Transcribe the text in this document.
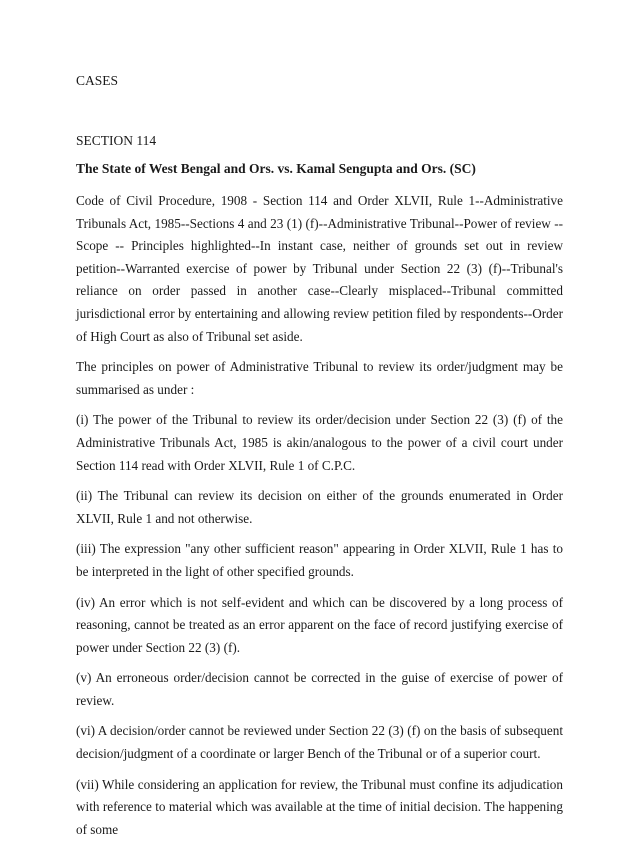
CASES

SECTION 114

The State of West Bengal and Ors. vs. Kamal Sengupta and Ors. (SC)

Code of Civil Procedure, 1908 - Section 114 and Order XLVII, Rule 1--Administrative Tribunals Act, 1985--Sections 4 and 23 (1) (f)--Administrative Tribunal--Power of review -- Scope -- Principles highlighted--In instant case, neither of grounds set out in review petition--Warranted exercise of power by Tribunal under Section 22 (3) (f)--Tribunal's reliance on order passed in another case--Clearly misplaced--Tribunal committed jurisdictional error by entertaining and allowing review petition filed by respondents--Order of High Court as also of Tribunal set aside.

The principles on power of Administrative Tribunal to review its order/judgment may be summarised as under :

(i) The power of the Tribunal to review its order/decision under Section 22 (3) (f) of the Administrative Tribunals Act, 1985 is akin/analogous to the power of a civil court under Section 114 read with Order XLVII, Rule 1 of C.P.C.

(ii) The Tribunal can review its decision on either of the grounds enumerated in Order XLVII, Rule 1 and not otherwise.

(iii) The expression "any other sufficient reason" appearing in Order XLVII, Rule 1 has to be interpreted in the light of other specified grounds.

(iv) An error which is not self-evident and which can be discovered by a long process of reasoning, cannot be treated as an error apparent on the face of record justifying exercise of power under Section 22 (3) (f).

(v) An erroneous order/decision cannot be corrected in the guise of exercise of power of review.

(vi) A decision/order cannot be reviewed under Section 22 (3) (f) on the basis of subsequent decision/judgment of a coordinate or larger Bench of the Tribunal or of a superior court.

(vii) While considering an application for review, the Tribunal must confine its adjudication with reference to material which was available at the time of initial decision. The happening of some
